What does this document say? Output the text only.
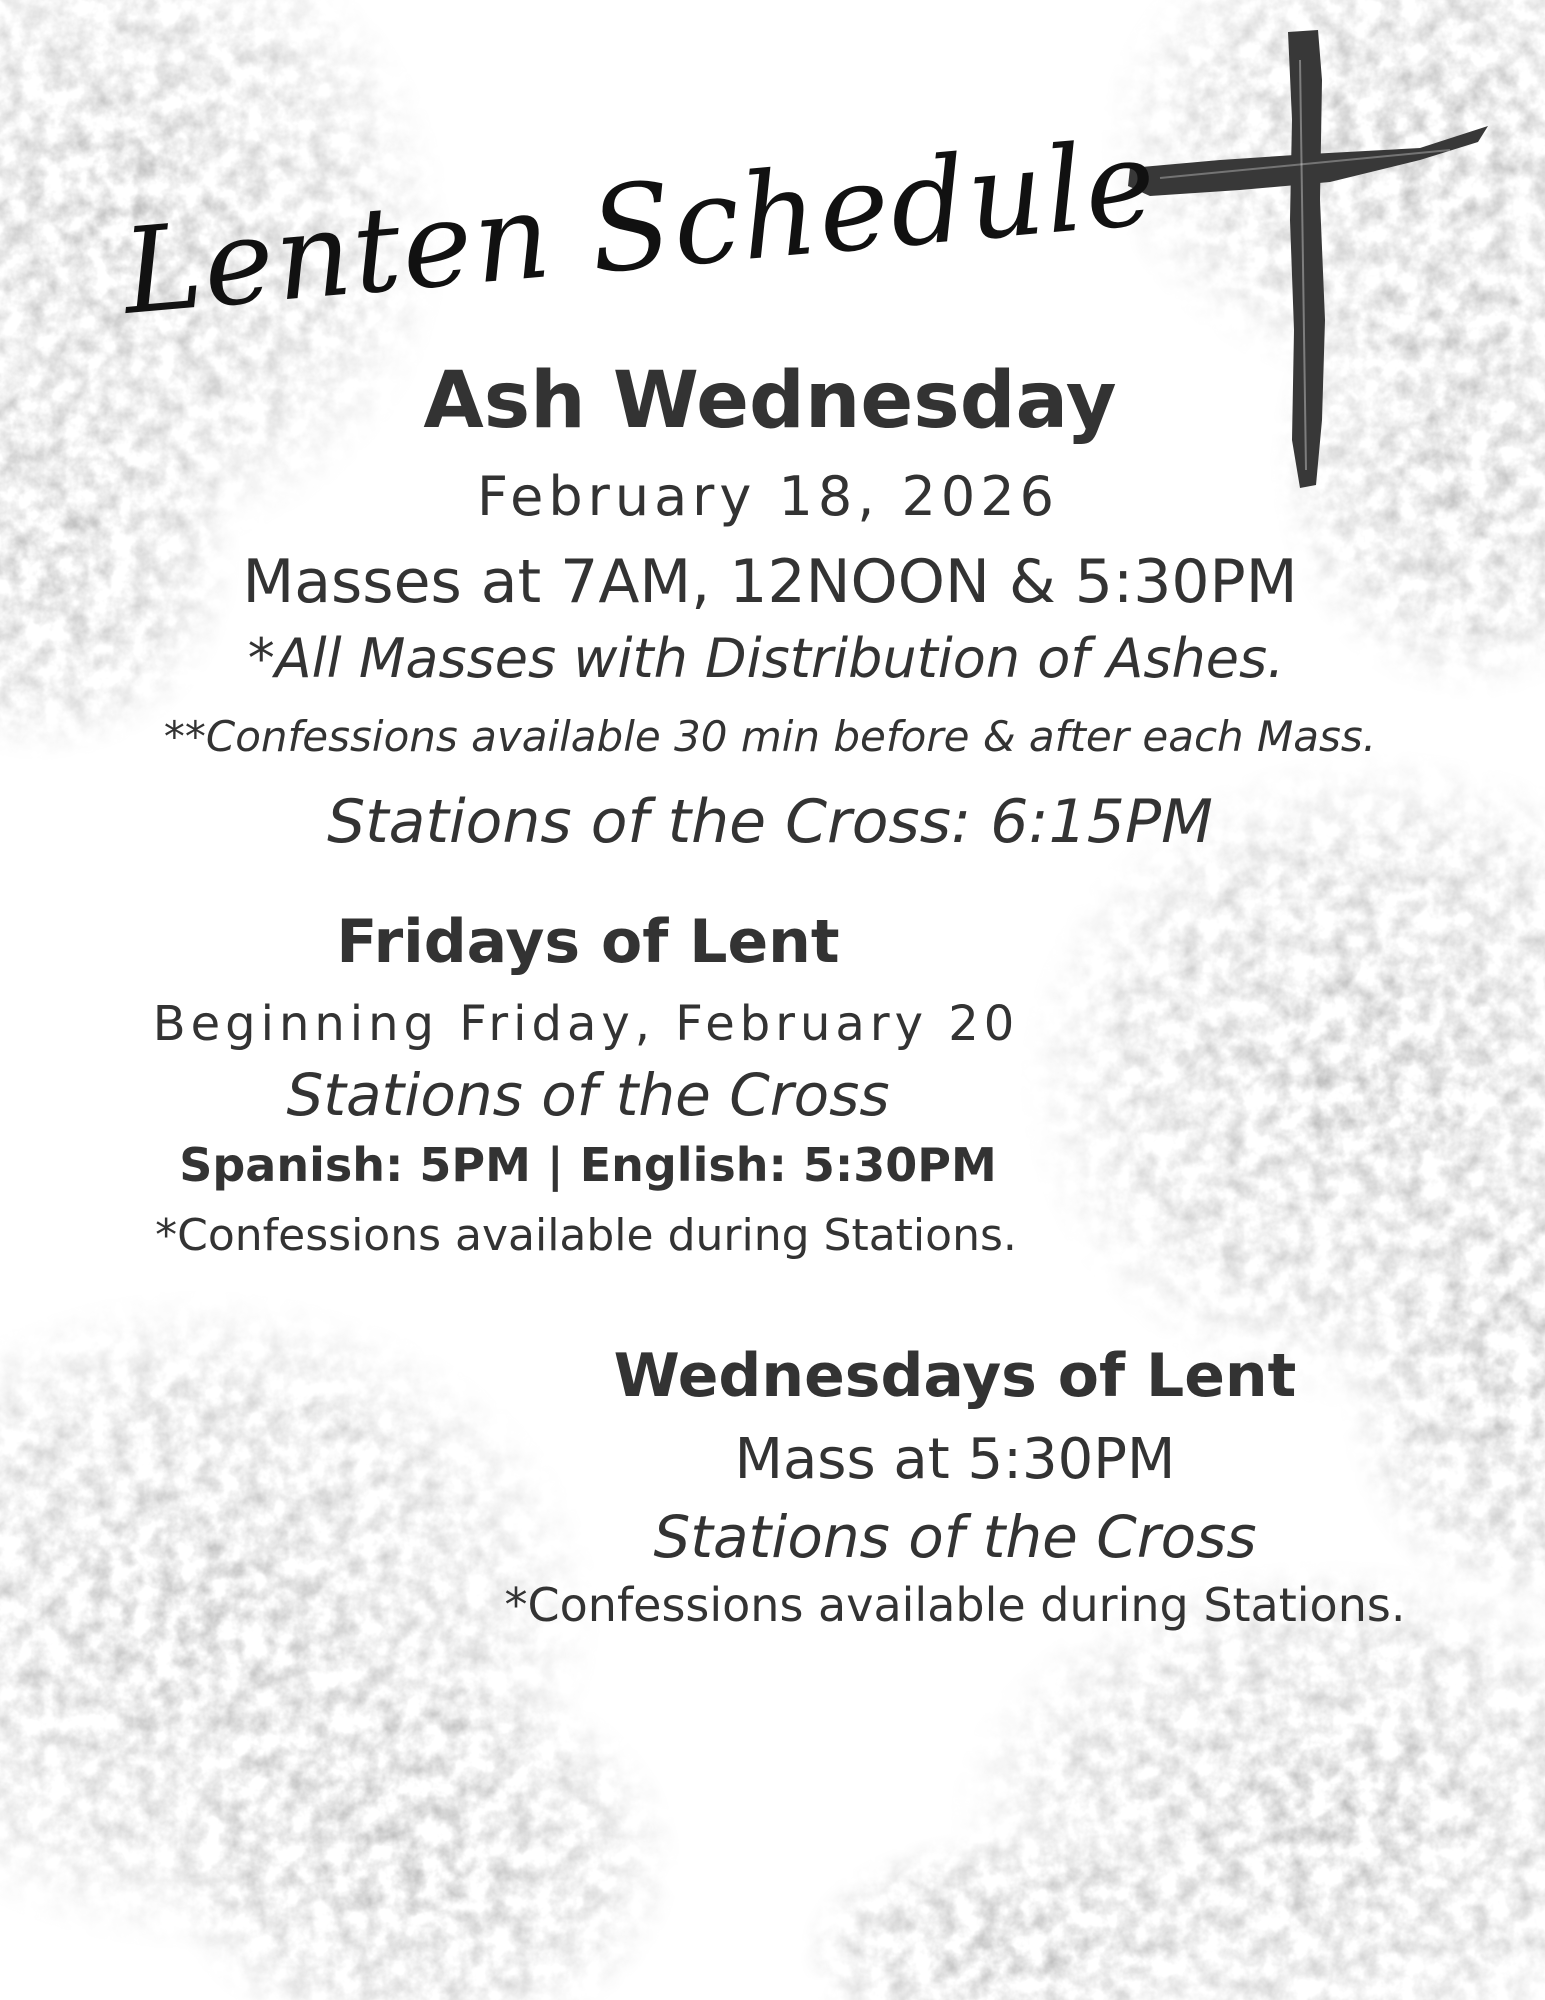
Lenten Schedule
Ash Wednesday
February 18, 2026
Masses at 7AM, 12NOON & 5:30PM
*All Masses with Distribution of Ashes.
**Confessions available 30 min before & after each Mass.
Stations of the Cross: 6:15PM
Fridays of Lent
Beginning Friday, February 20
Stations of the Cross
Spanish: 5PM | English: 5:30PM
*Confessions available during Stations.
Wednesdays of Lent
Mass at 5:30PM
Stations of the Cross
*Confessions available during Stations.
